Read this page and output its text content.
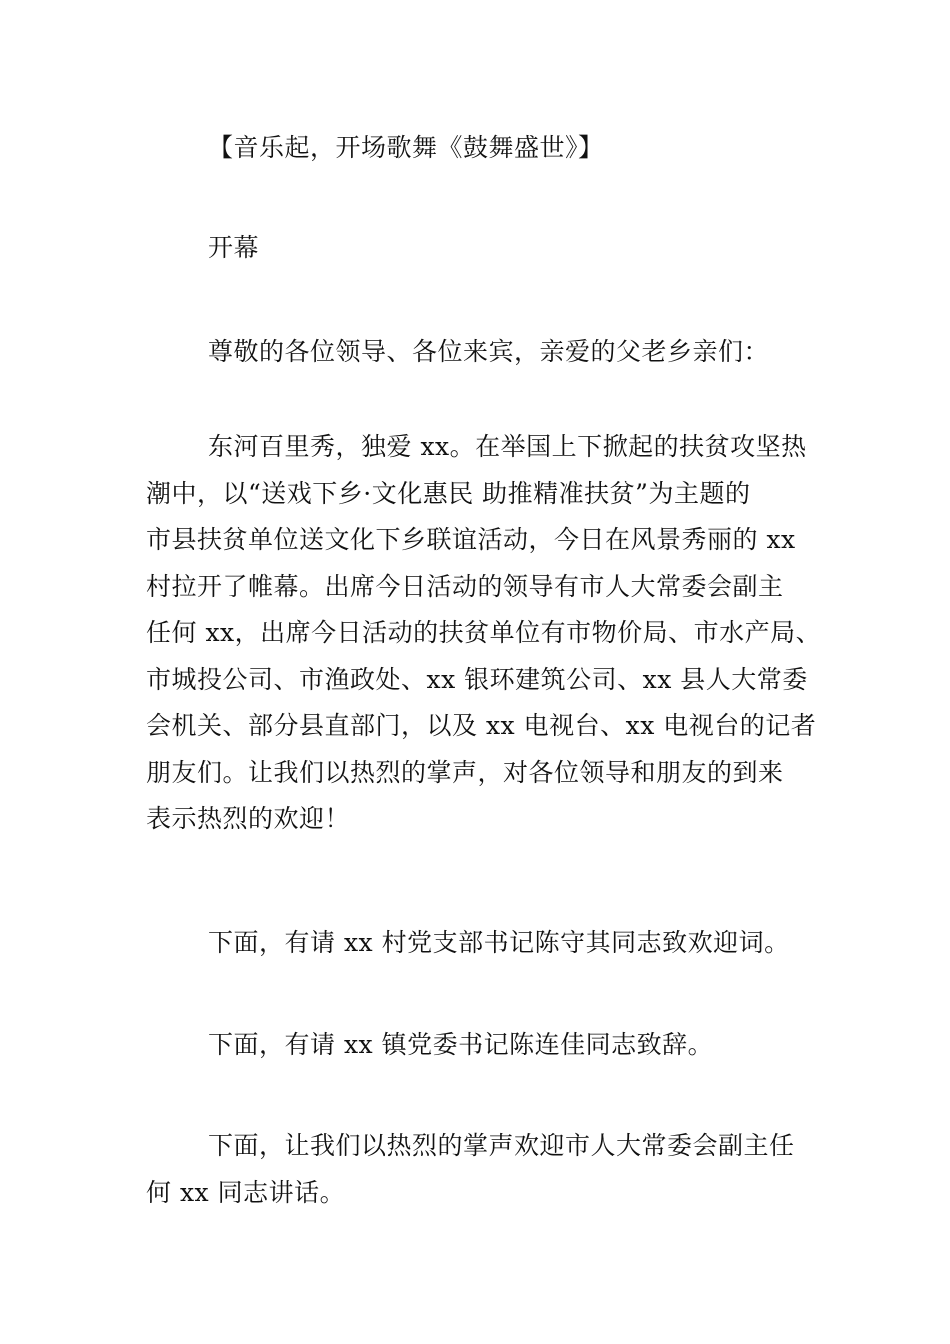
【音乐起，开场歌舞《鼓舞盛世》】

开幕

尊敬的各位领导、各位来宾，亲爱的父老乡亲们：

东河百里秀，独爱 xx。在举国上下掀起的扶贫攻坚热
潮中，以“送戏下乡·文化惠民 助推精准扶贫”为主题的
市县扶贫单位送文化下乡联谊活动，今日在风景秀丽的 xx
村拉开了帷幕。出席今日活动的领导有市人大常委会副主
任何 xx，出席今日活动的扶贫单位有市物价局、市水产局、
市城投公司、市渔政处、xx 银环建筑公司、xx 县人大常委
会机关、部分县直部门，以及 xx 电视台、xx 电视台的记者
朋友们。让我们以热烈的掌声，对各位领导和朋友的到来
表示热烈的欢迎！

下面，有请 xx 村党支部书记陈守其同志致欢迎词。

下面，有请 xx 镇党委书记陈连佳同志致辞。

下面，让我们以热烈的掌声欢迎市人大常委会副主任
何 xx 同志讲话。
